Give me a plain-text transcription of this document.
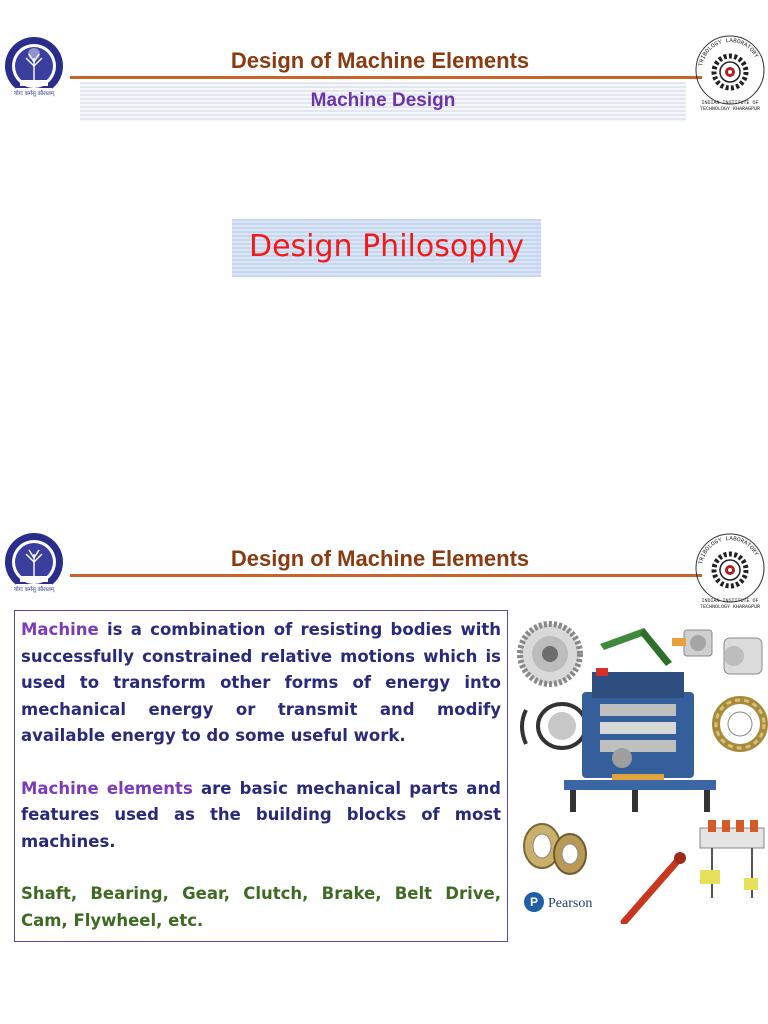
योगः कर्मसु कौशलम्
Design of Machine Elements	TRIBOLOGY LABORATORY
INDIAN INSTITUTE OF TECHNOLOGY KHARAGPUR
Machine Design
Design Philosophy
योगः कर्मसु कौशलम्
Design of Machine Elements	TRIBOLOGY LABORATORY
INDIAN INSTITUTE OF TECHNOLOGY KHARAGPUR

Machine is a combination of resisting bodies with successfully constrained relative motions which is used to transform other forms of energy into mechanical energy or transmit and modify available energy to do some useful work.

Machine elements are basic mechanical parts and features used as the building blocks of most machines.

Shaft, Bearing, Gear, Clutch, Brake, Belt Drive, Cam, Flywheel, etc.

P Pearson
